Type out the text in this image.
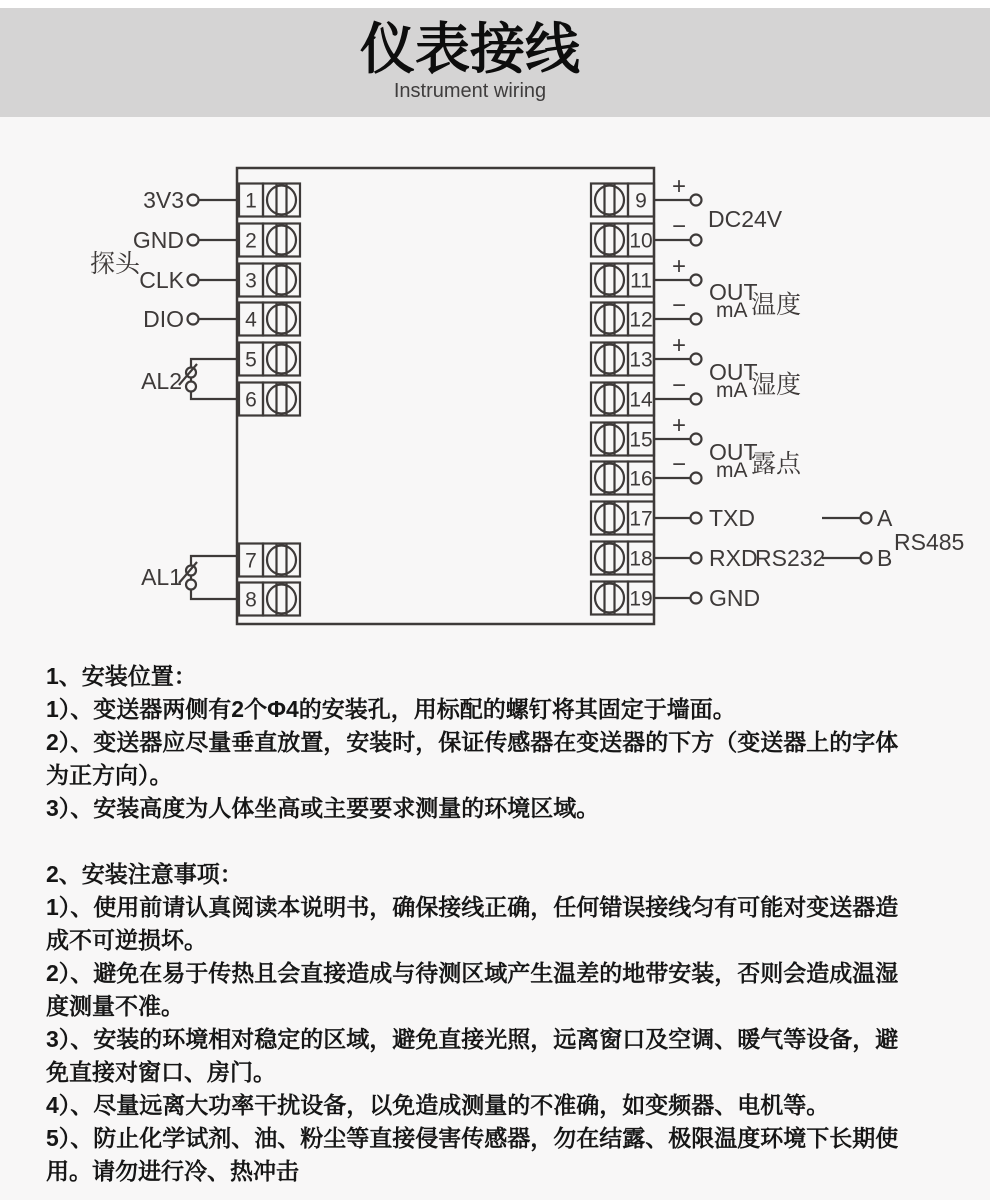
仪表接线
Instrument wiring
1
2
3
4
5
6
7
8
9
10
11
12
13
14
15
16
17
18
19
3V3
GND
CLK
DIO
探头
AL2
AL1
+
−
+
−
+
−
+
−
DC24V
OUT
mA 温度
OUT
mA 湿度
OUT
mA 露点
TXD
RXD
RS232
GND
A
B
RS485
1、安装位置：
1）、变送器两侧有2个Φ4的安装孔，用标配的螺钉将其固定于墙面。
2）、变送器应尽量垂直放置，安装时，保证传感器在变送器的下方（变送器上的字体
为正方向）。
3）、安装高度为人体坐高或主要要求测量的环境区域。
2、安装注意事项：
1）、使用前请认真阅读本说明书，确保接线正确，任何错误接线匀有可能对变送器造
成不可逆损坏。
2）、避免在易于传热且会直接造成与待测区域产生温差的地带安装，否则会造成温湿
度测量不准。
3）、安装的环境相对稳定的区域，避免直接光照，远离窗口及空调、暖气等设备，避
免直接对窗口、房门。
4）、尽量远离大功率干扰设备，以免造成测量的不准确，如变频器、电机等。
5）、防止化学试剂、油、粉尘等直接侵害传感器，勿在结露、极限温度环境下长期使
用。请勿进行冷、热冲击
